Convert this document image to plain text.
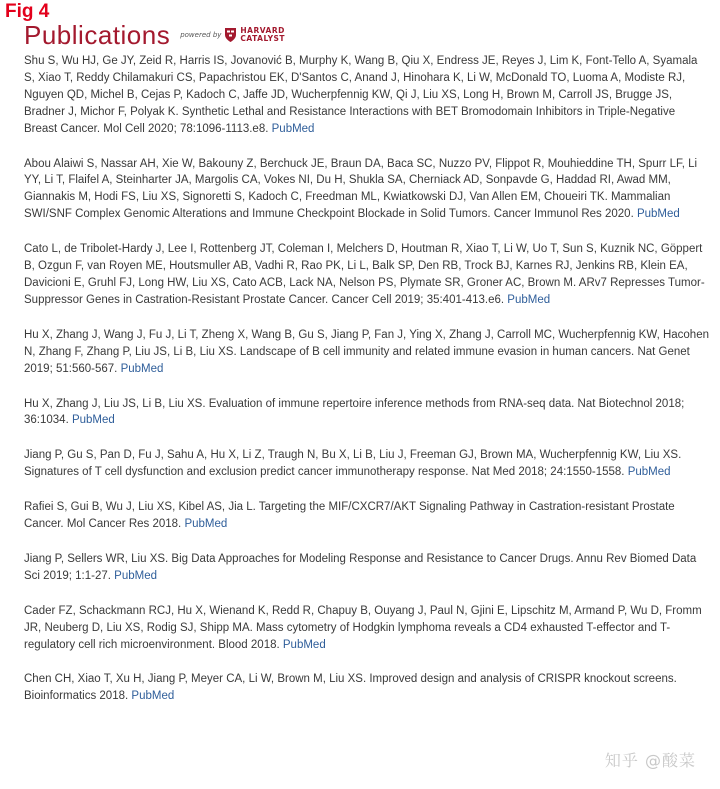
Fig 4
Publications powered by	HARVARD
CATALYST

Shu S, Wu HJ, Ge JY, Zeid R, Harris IS, Jovanović B, Murphy K, Wang B, Qiu X, Endress JE, Reyes J, Lim K, Font-Tello A, Syamala S, Xiao T, Reddy Chilamakuri CS, Papachristou EK, D'Santos C, Anand J, Hinohara K, Li W, McDonald TO, Luoma A, Modiste RJ, Nguyen QD, Michel B, Cejas P, Kadoch C, Jaffe JD, Wucherpfennig KW, Qi J, Liu XS, Long H, Brown M, Carroll JS, Brugge JS, Bradner J, Michor F, Polyak K. Synthetic Lethal and Resistance Interactions with BET Bromodomain Inhibitors in Triple-Negative Breast Cancer. Mol Cell 2020; 78:1096-1113.e8. PubMed

Abou Alaiwi S, Nassar AH, Xie W, Bakouny Z, Berchuck JE, Braun DA, Baca SC, Nuzzo PV, Flippot R, Mouhieddine TH, Spurr LF, Li YY, Li T, Flaifel A, Steinharter JA, Margolis CA, Vokes NI, Du H, Shukla SA, Cherniack AD, Sonpavde G, Haddad RI, Awad MM, Giannakis M, Hodi FS, Liu XS, Signoretti S, Kadoch C, Freedman ML, Kwiatkowski DJ, Van Allen EM, Choueiri TK. Mammalian SWI/SNF Complex Genomic Alterations and Immune Checkpoint Blockade in Solid Tumors. Cancer Immunol Res 2020. PubMed

Cato L, de Tribolet-Hardy J, Lee I, Rottenberg JT, Coleman I, Melchers D, Houtman R, Xiao T, Li W, Uo T, Sun S, Kuznik NC, Göppert B, Ozgun F, van Royen ME, Houtsmuller AB, Vadhi R, Rao PK, Li L, Balk SP, Den RB, Trock BJ, Karnes RJ, Jenkins RB, Klein EA, Davicioni E, Gruhl FJ, Long HW, Liu XS, Cato ACB, Lack NA, Nelson PS, Plymate SR, Groner AC, Brown M. ARv7 Represses Tumor-Suppressor Genes in Castration-Resistant Prostate Cancer. Cancer Cell 2019; 35:401-413.e6. PubMed

Hu X, Zhang J, Wang J, Fu J, Li T, Zheng X, Wang B, Gu S, Jiang P, Fan J, Ying X, Zhang J, Carroll MC, Wucherpfennig KW, Hacohen N, Zhang F, Zhang P, Liu JS, Li B, Liu XS. Landscape of B cell immunity and related immune evasion in human cancers. Nat Genet 2019; 51:560-567. PubMed

Hu X, Zhang J, Liu JS, Li B, Liu XS. Evaluation of immune repertoire inference methods from RNA-seq data. Nat Biotechnol 2018; 36:1034. PubMed

Jiang P, Gu S, Pan D, Fu J, Sahu A, Hu X, Li Z, Traugh N, Bu X, Li B, Liu J, Freeman GJ, Brown MA, Wucherpfennig KW, Liu XS. Signatures of T cell dysfunction and exclusion predict cancer immunotherapy response. Nat Med 2018; 24:1550-1558. PubMed

Rafiei S, Gui B, Wu J, Liu XS, Kibel AS, Jia L. Targeting the MIF/CXCR7/AKT Signaling Pathway in Castration-resistant Prostate Cancer. Mol Cancer Res 2018. PubMed

Jiang P, Sellers WR, Liu XS. Big Data Approaches for Modeling Response and Resistance to Cancer Drugs. Annu Rev Biomed Data Sci 2019; 1:1-27. PubMed

Cader FZ, Schackmann RCJ, Hu X, Wienand K, Redd R, Chapuy B, Ouyang J, Paul N, Gjini E, Lipschitz M, Armand P, Wu D, Fromm JR, Neuberg D, Liu XS, Rodig SJ, Shipp MA. Mass cytometry of Hodgkin lymphoma reveals a CD4 exhausted T-effector and T-regulatory cell rich microenvironment. Blood 2018. PubMed

Chen CH, Xiao T, Xu H, Jiang P, Meyer CA, Li W, Brown M, Liu XS. Improved design and analysis of CRISPR knockout screens. Bioinformatics 2018. PubMed

知乎 @酸菜
